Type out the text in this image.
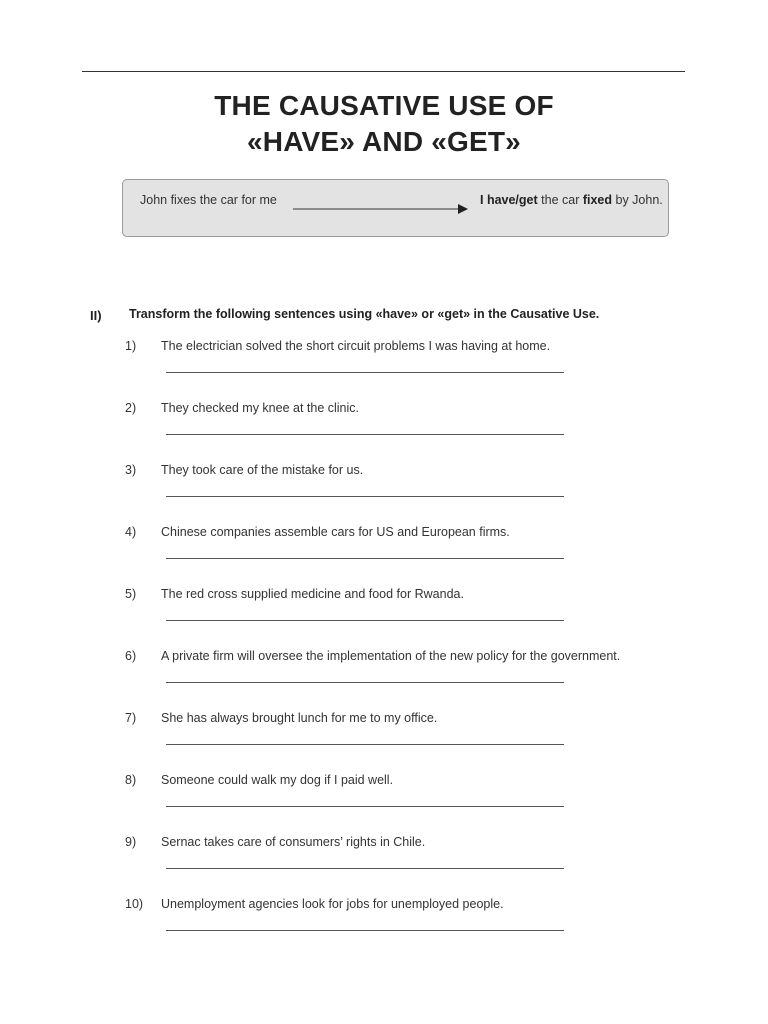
THE CAUSATIVE USE OF
«HAVE» AND «GET»
John fixes the car for me	I have/get the car fixed by John.
II) Transform the following sentences using «have» or «get» in the Causative Use.
1) The electrician solved the short circuit problems I was having at home.
2) They checked my knee at the clinic.
3) They took care of the mistake for us.
4) Chinese companies assemble cars for US and European firms.
5) The red cross supplied medicine and food for Rwanda.
6) A private firm will oversee the implementation of the new policy for the government.
7) She has always brought lunch for me to my office.
8) Someone could walk my dog if I paid well.
9) Sernac takes care of consumers’ rights in Chile.
10) Unemployment agencies look for jobs for unemployed people.
